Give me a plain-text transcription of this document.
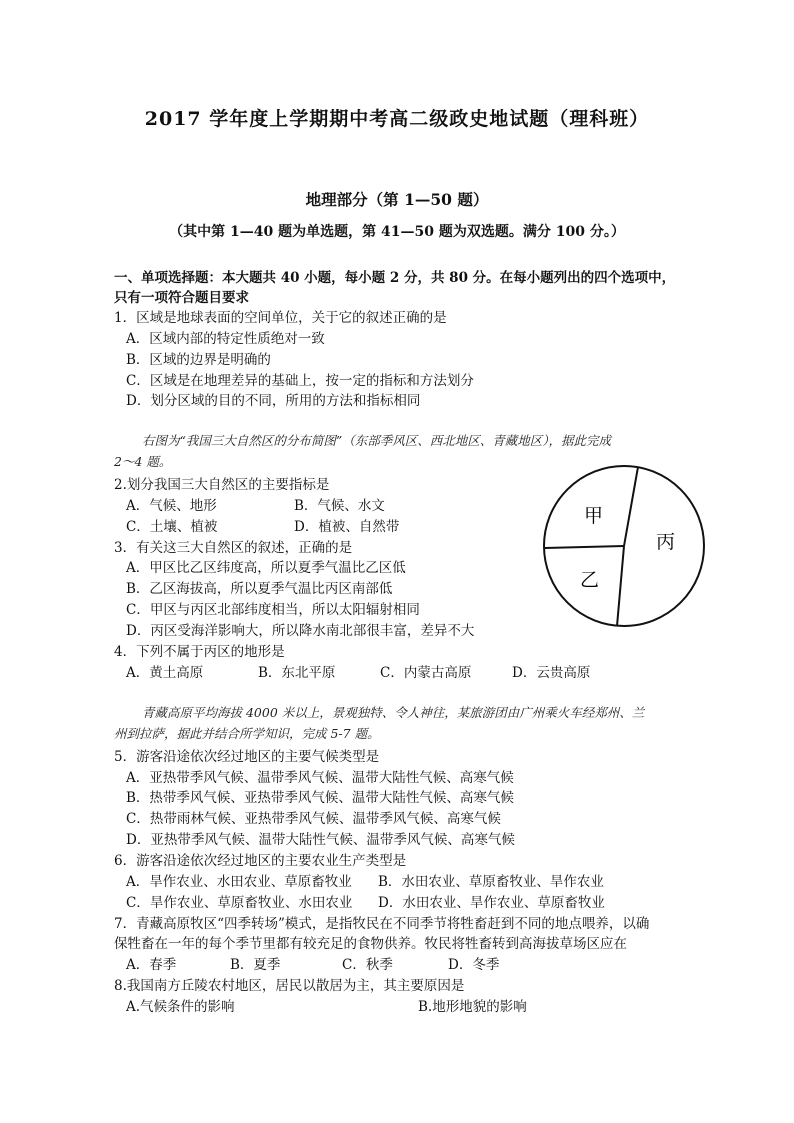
2017 学年度上学期期中考高二级政史地试题（理科班）
地理部分（第 1—50 题）
（其中第 1—40 题为单选题，第 41—50 题为双选题。满分 100 分。）
一、单项选择题：本大题共 40 小题，每小题 2 分，共 80 分。在每小题列出的四个选项中，
只有一项符合题目要求
1．区域是地球表面的空间单位，关于它的叙述正确的是
A．区域内部的特定性质绝对一致
B．区域的边界是明确的
C．区域是在地理差异的基础上，按一定的指标和方法划分
D．划分区域的目的不同，所用的方法和指标相同
右图为“我国三大自然区的分布简图”（东部季风区、西北地区、青藏地区），据此完成
2～4 题。
2.划分我国三大自然区的主要指标是
A．气候、地形	B．气候、水文
C．土壤、植被	D．植被、自然带
3．有关这三大自然区的叙述，正确的是
A．甲区比乙区纬度高，所以夏季气温比乙区低
B．乙区海拔高，所以夏季气温比丙区南部低
C．甲区与丙区北部纬度相当，所以太阳辐射相同
D．丙区受海洋影响大，所以降水南北部很丰富，差异不大
4．下列不属于丙区的地形是
A．黄土高原	B．东北平原	C．内蒙古高原	D．云贵高原
甲
丙
乙
青藏高原平均海拔 4000 米以上，景观独特、令人神往，某旅游团由广州乘火车经郑州、兰
州到拉萨，据此并结合所学知识，完成 5-7 题。
5．游客沿途依次经过地区的主要气候类型是
A．亚热带季风气候、温带季风气候、温带大陆性气候、高寒气候
B．热带季风气候、亚热带季风气候、温带大陆性气候、高寒气候
C．热带雨林气候、亚热带季风气候、温带季风气候、高寒气候
D．亚热带季风气候、温带大陆性气候、温带季风气候、高寒气候
6．游客沿途依次经过地区的主要农业生产类型是
A．旱作农业、水田农业、草原畜牧业 B．水田农业、草原畜牧业、旱作农业
C．旱作农业、草原畜牧业、水田农业 D．水田农业、旱作农业、草原畜牧业
7．青藏高原牧区“四季转场”模式，是指牧民在不同季节将牲畜赶到不同的地点喂养，以确
保牲畜在一年的每个季节里都有较充足的食物供养。牧民将牲畜转到高海拔草场区应在
A．春季	B．夏季	C．秋季	D．冬季
8.我国南方丘陵农村地区，居民以散居为主，其主要原因是
A.气候条件的影响	B.地形地貌的影响
